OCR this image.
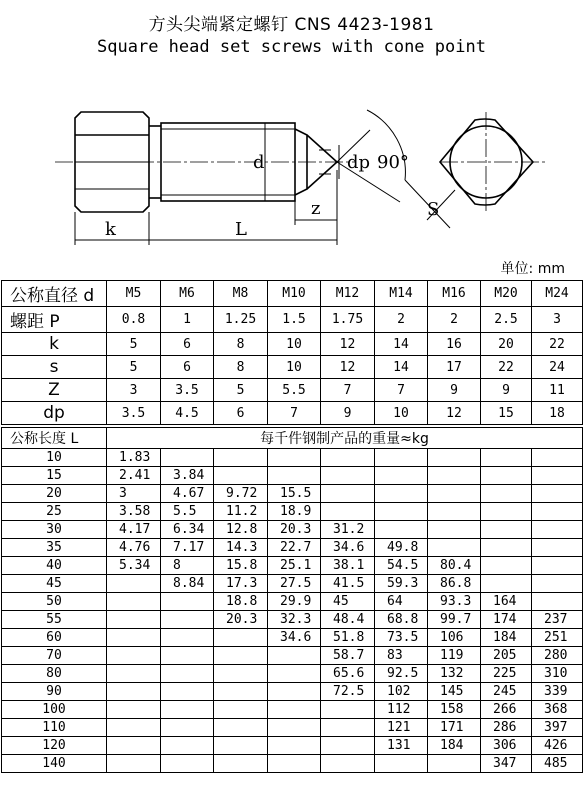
方头尖端紧定螺钉 CNS 4423-1981
Square head set screws with cone point
d	dp 90°
z
k	L
S
单位: mm
公称直径 d	M5	M6	M8	M10	M12	M14	M16	M20	M24
螺距 P	0.8	1	1.25	1.5	1.75	2	2	2.5	3
k	5	6	8	10	12	14	16	20	22
s	5	6	8	10	12	14	17	22	24
Z	3	3.5	5	5.5	7	7	9	9	11
dp	3.5	4.5	6	7	9	10	12	15	18
公称长度 L	每千件钢制产品的重量≈kg								
10	1.83								
15	2.41	3.84							
20	3	4.67	9.72	15.5					
25	3.58	5.5	11.2	18.9					
30	4.17	6.34	12.8	20.3	31.2				
35	4.76	7.17	14.3	22.7	34.6	49.8			
40	5.34	8	15.8	25.1	38.1	54.5	80.4		
45		8.84	17.3	27.5	41.5	59.3	86.8		
50			18.8	29.9	45	64	93.3	164	
55			20.3	32.3	48.4	68.8	99.7	174	237
60				34.6	51.8	73.5	106	184	251
70					58.7	83	119	205	280
80					65.6	92.5	132	225	310
90					72.5	102	145	245	339
100						112	158	266	368
110						121	171	286	397
120						131	184	306	426
140								347	485
